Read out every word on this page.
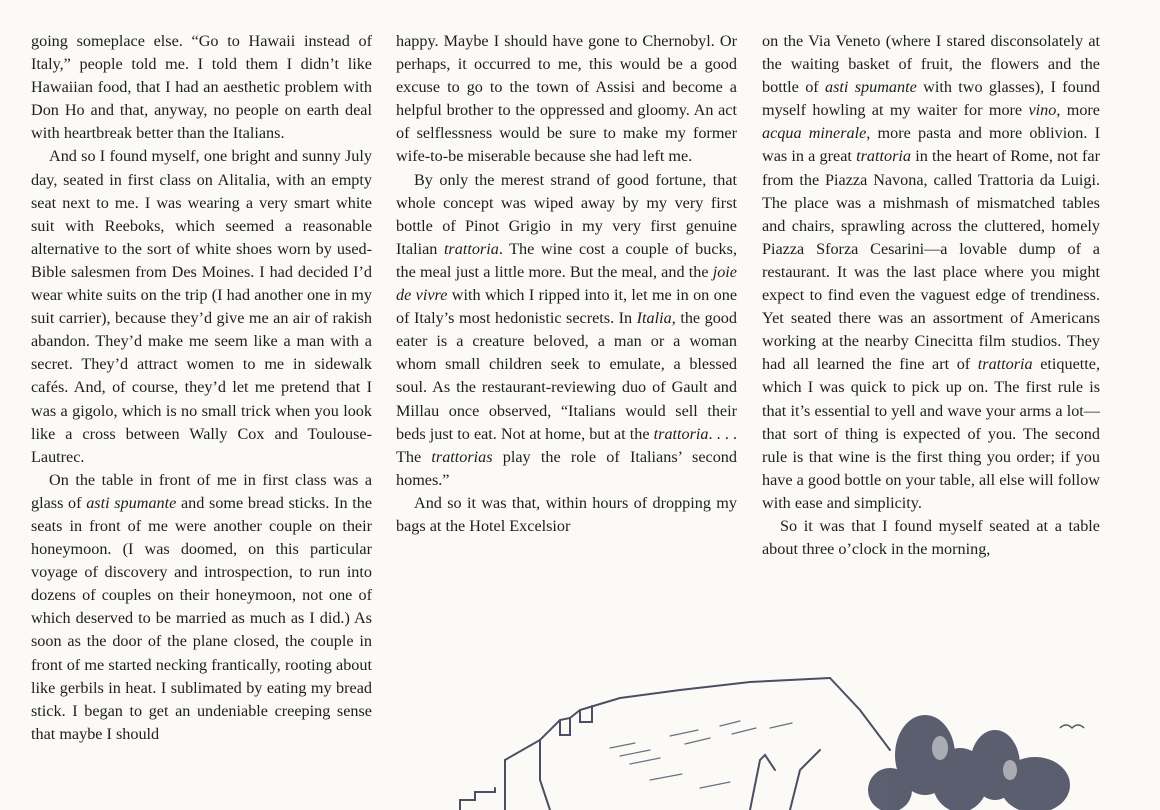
going someplace else. “Go to Hawaii instead of Italy,” people told me. I told them I didn’t like Hawaiian food, that I had an aesthetic problem with Don Ho and that, anyway, no people on earth deal with heartbreak better than the Italians.

And so I found myself, one bright and sunny July day, seated in first class on Alitalia, with an empty seat next to me. I was wearing a very smart white suit with Reeboks, which seemed a reasonable alternative to the sort of white shoes worn by used-Bible salesmen from Des Moines. I had decided I’d wear white suits on the trip (I had another one in my suit carrier), because they’d give me an air of rakish abandon. They’d make me seem like a man with a secret. They’d attract women to me in sidewalk cafés. And, of course, they’d let me pretend that I was a gigolo, which is no small trick when you look like a cross between Wally Cox and Toulouse-Lautrec.

On the table in front of me in first class was a glass of asti spumante and some bread sticks. In the seats in front of me were another couple on their honeymoon. (I was doomed, on this particular voyage of discovery and introspection, to run into dozens of couples on their honeymoon, not one of which deserved to be married as much as I did.) As soon as the door of the plane closed, the couple in front of me started necking frantically, rooting about like gerbils in heat. I sublimated by eating my bread stick. I began to get an undeniable creeping sense that maybe I should

happy. Maybe I should have gone to Chernobyl. Or perhaps, it occurred to me, this would be a good excuse to go to the town of Assisi and become a helpful brother to the oppressed and gloomy. An act of selflessness would be sure to make my former wife-to-be miserable because she had left me.

By only the merest strand of good fortune, that whole concept was wiped away by my very first bottle of Pinot Grigio in my very first genuine Italian trattoria. The wine cost a couple of bucks, the meal just a little more. But the meal, and the joie de vivre with which I ripped into it, let me in on one of Italy’s most hedonistic secrets. In Italia, the good eater is a creature beloved, a man or a woman whom small children seek to emulate, a blessed soul. As the restaurant-reviewing duo of Gault and Millau once observed, “Italians would sell their beds just to eat. Not at home, but at the trattoria. . . . The trattorias play the role of Italians’ second homes.”

And so it was that, within hours of dropping my bags at the Hotel Excelsior

on the Via Veneto (where I stared disconsolately at the waiting basket of fruit, the flowers and the bottle of asti spumante with two glasses), I found myself howling at my waiter for more vino, more acqua minerale, more pasta and more oblivion. I was in a great trattoria in the heart of Rome, not far from the Piazza Navona, called Trattoria da Luigi. The place was a mishmash of mismatched tables and chairs, sprawling across the cluttered, homely Piazza Sforza Cesarini—a lovable dump of a restaurant. It was the last place where you might expect to find even the vaguest edge of trendiness. Yet seated there was an assortment of Americans working at the nearby Cinecitta film studios. They had all learned the fine art of trattoria etiquette, which I was quick to pick up on. The first rule is that it’s essential to yell and wave your arms a lot—that sort of thing is expected of you. The second rule is that wine is the first thing you order; if you have a good bottle on your table, all else will follow with ease and simplicity.

So it was that I found myself seated at a table about three o’clock in the morning,
